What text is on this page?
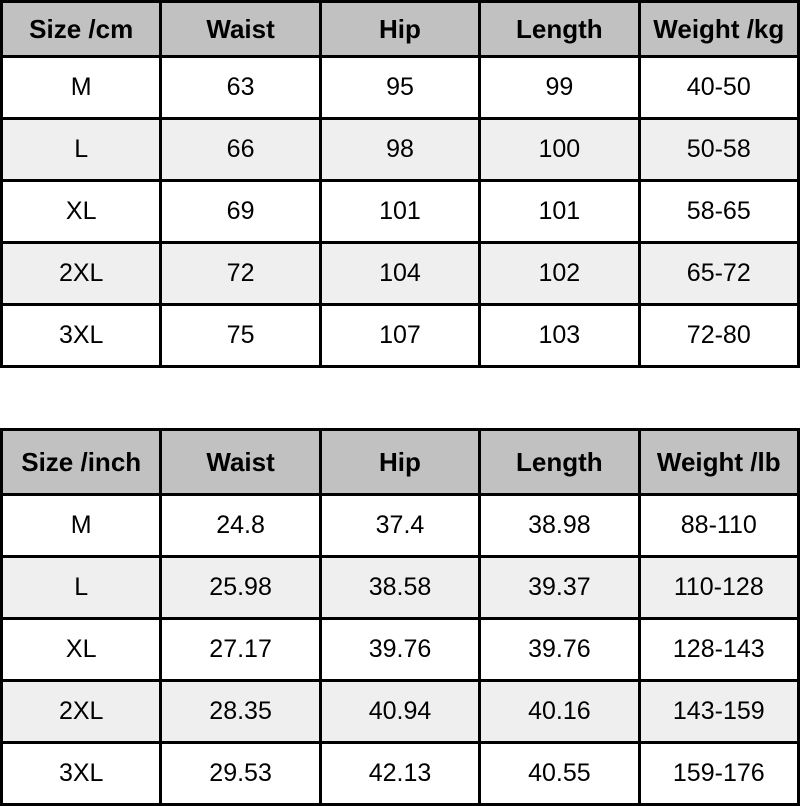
Size /cm	Waist	Hip	Length	Weight /kg
M	63	95	99	40-50
L	66	98	100	50-58
XL	69	101	101	58-65
2XL	72	104	102	65-72
3XL	75	107	103	72-80
Size /inch	Waist	Hip	Length	Weight /lb
M	24.8	37.4	38.98	88-110
L	25.98	38.58	39.37	110-128
XL	27.17	39.76	39.76	128-143
2XL	28.35	40.94	40.16	143-159
3XL	29.53	42.13	40.55	159-176
